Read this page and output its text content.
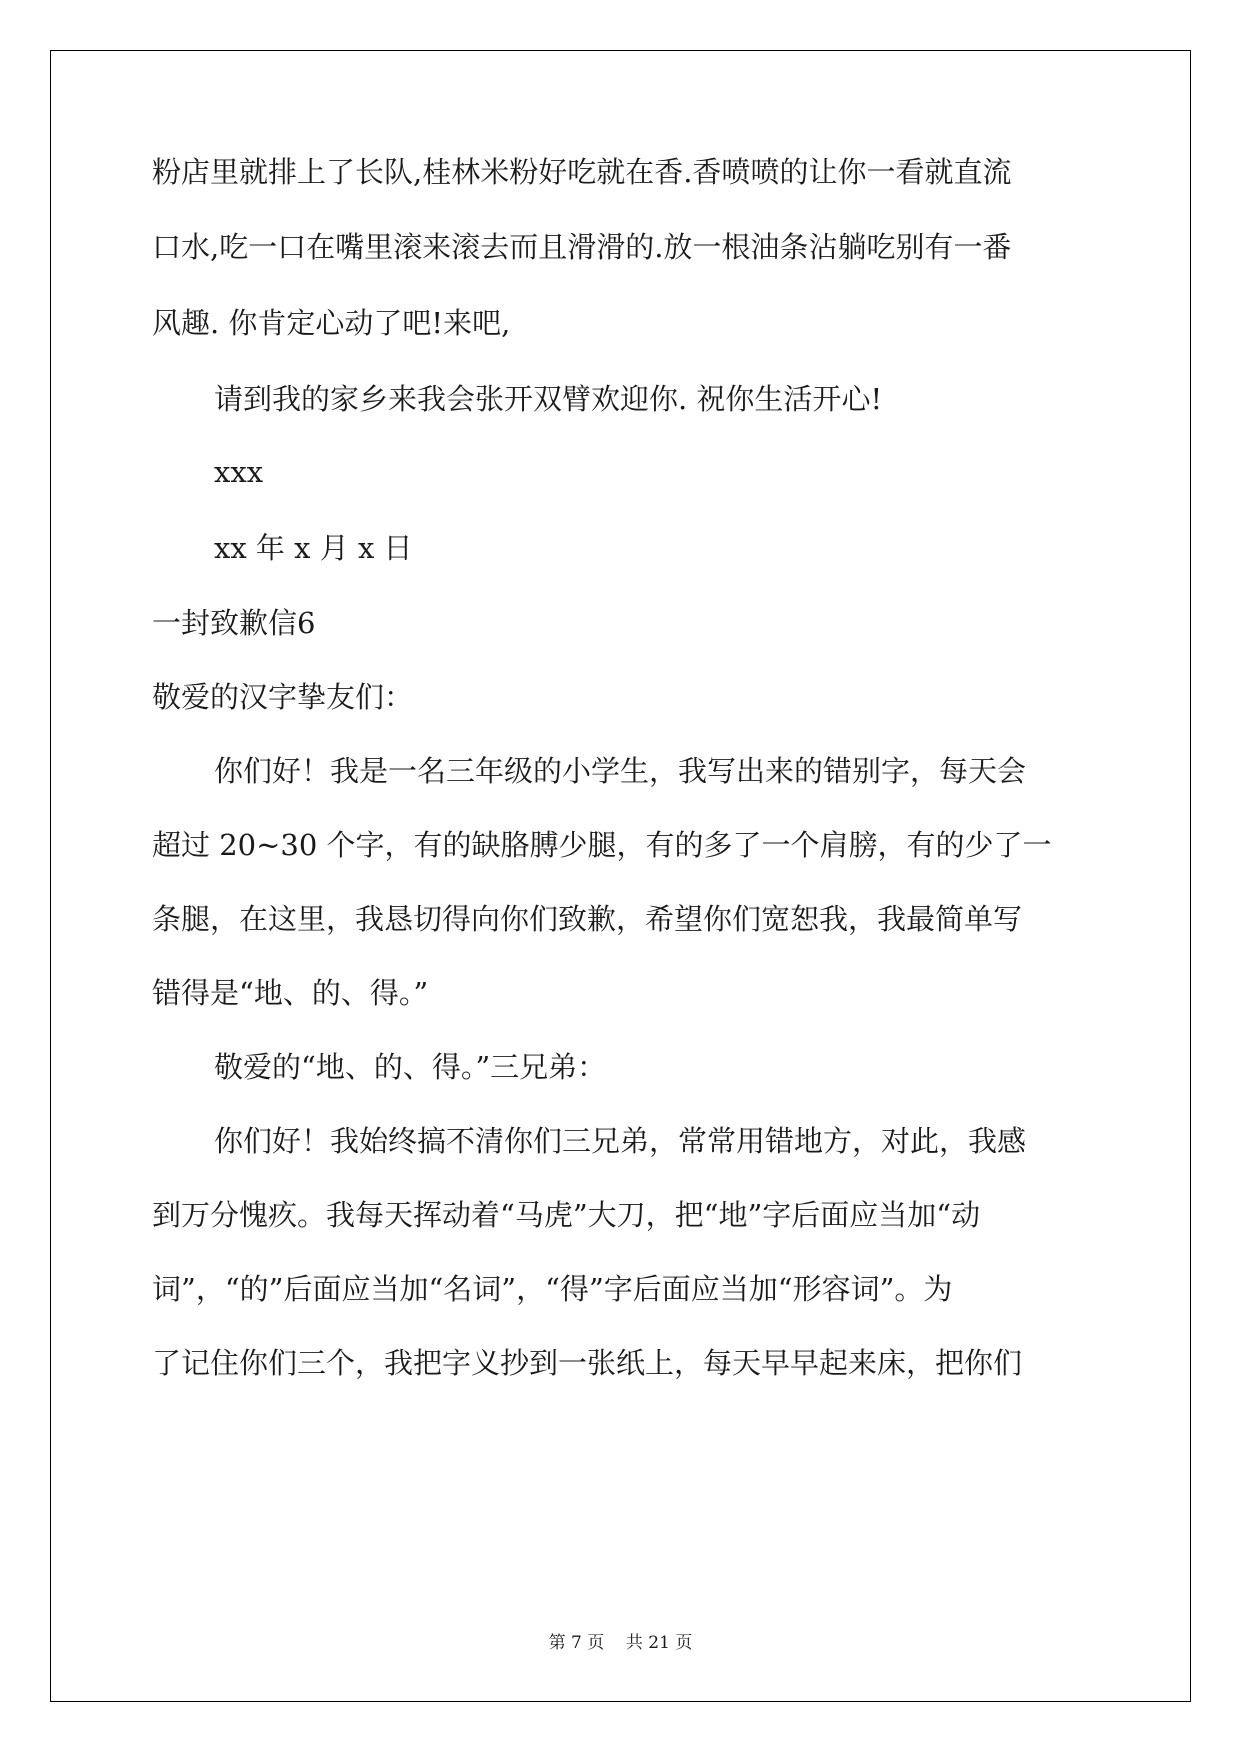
粉店里就排上了长队,桂林米粉好吃就在香.香喷喷的让你一看就直流

口水,吃一口在嘴里滚来滚去而且滑滑的.放一根油条沾躺吃别有一番

风趣. 你肯定心动了吧!来吧,

请到我的家乡来我会张开双臂欢迎你. 祝你生活开心!

xxx

xx 年 x 月 x 日

一封致歉信6

敬爱的汉字挚友们：

你们好！我是一名三年级的小学生，我写出来的错别字，每天会

超过 20~30 个字，有的缺胳膊少腿，有的多了一个肩膀，有的少了一

条腿，在这里，我恳切得向你们致歉，希望你们宽恕我，我最简单写

错得是“地、的、得。”

敬爱的“地、的、得。”三兄弟：

你们好！我始终搞不清你们三兄弟，常常用错地方，对此，我感

到万分愧疚。我每天挥动着“马虎”大刀，把“地”字后面应当加“动

词”，“的”后面应当加“名词”，“得”字后面应当加“形容词”。为

了记住你们三个，我把字义抄到一张纸上，每天早早起来床，把你们

第 7 页    共 21 页
